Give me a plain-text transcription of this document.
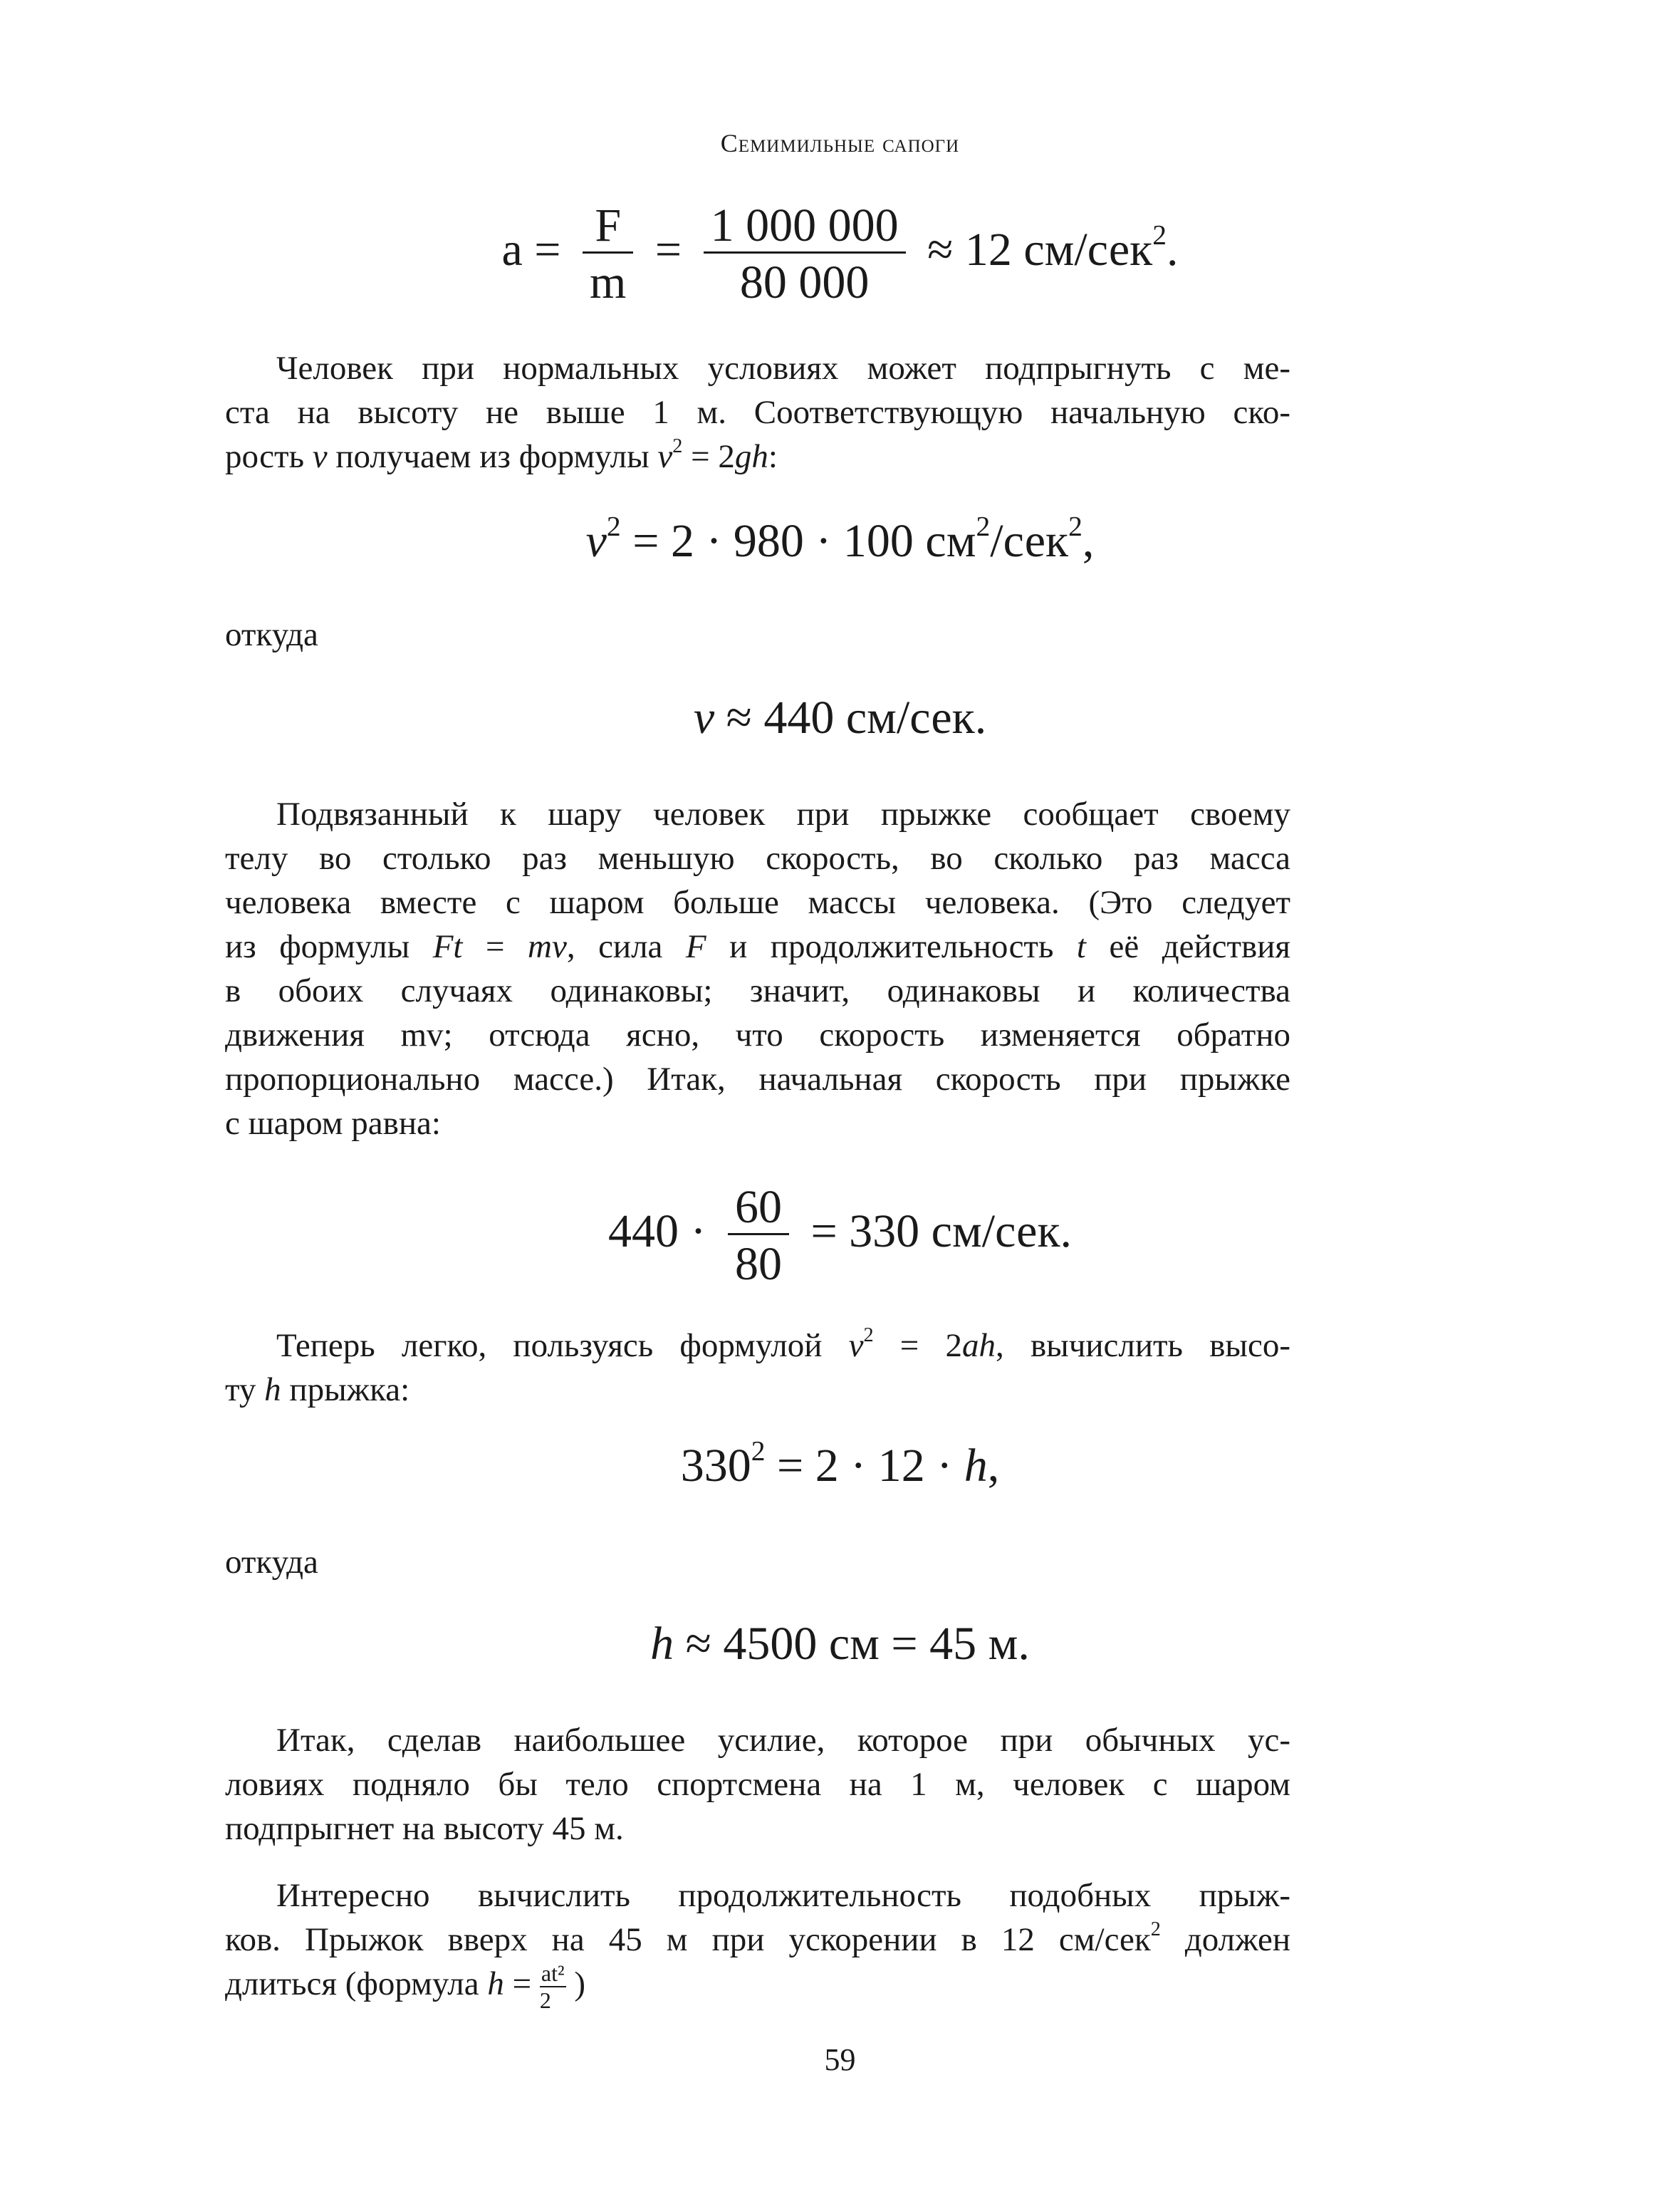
Семимильные сапоги
$a = \frac{F}{m} = \frac{1 000 000}{80 000} \approx 12$ см/сек$^2$.
Человек при нормальных условиях может подпрыгнуть с ме-
ста на высоту не выше 1 м. Соответствующую начальную ско-
рость v получаем из формулы $v^2 = 2gh$:
$v^2 = 2 \cdot 980 \cdot 100$ $см^2/сек^2$,
откуда
v ≈ 440 см/сек.
Подвязанный к шару человек при прыжке сообщает своему
телу во столько раз меньшую скорость, во сколько раз масса
человека вместе с шаром больше массы человека. (Это следует
из формулы Ft = mv, сила F и продолжительность t её действия
в обоих случаях одинаковы; значит, одинаковы и количества
движения mv; отсюда ясно, что скорость изменяется обратно
пропорционально массе.) Итак, начальная скорость при прыжке
с шаром равна:
$440 \cdot \frac{60}{80} = 330$ см/сек.
Теперь легко, пользуясь формулой $v^2 = 2ah$, вычислить высо-
ту h прыжка:
$330^2 = 2 \cdot 12 \cdot h$,
откуда
h ≈ 4500 см = 45 м.
Итак, сделав наибольшее усилие, которое при обычных ус-
ловиях подняло бы тело спортсмена на 1 м, человек с шаром
подпрыгнет на высоту 45 м.
Интересно вычислить продолжительность подобных прыж-
ков. Прыжок вверх на 45 м при ускорении в 12 см/сек$^2$ должен
длиться (формула $h = \frac{\text{at²}}{2}$ )
59
